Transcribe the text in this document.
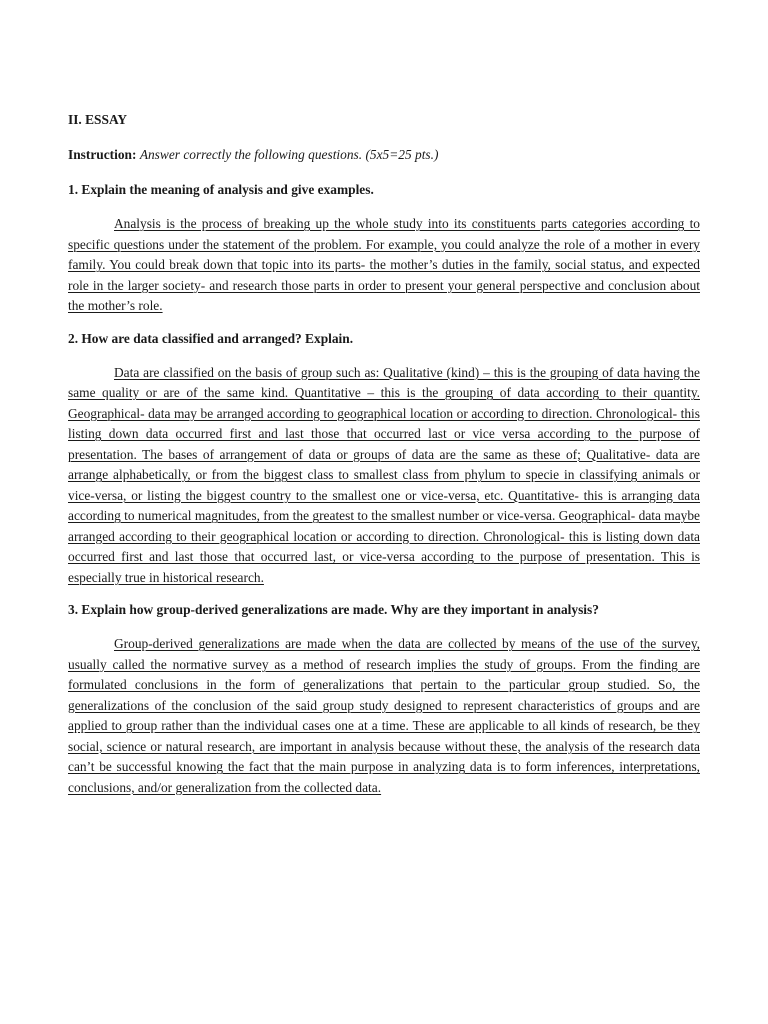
II. ESSAY
Instruction: Answer correctly the following questions. (5x5=25 pts.)
1. Explain the meaning of analysis and give examples.

Analysis is the process of breaking up the whole study into its constituents parts categories according to specific questions under the statement of the problem. For example, you could analyze the role of a mother in every family. You could break down that topic into its parts- the mother’s duties in the family, social status, and expected role in the larger society- and research those parts in order to present your general perspective and conclusion about the mother’s role.

2. How are data classified and arranged? Explain.

Data are classified on the basis of group such as: Qualitative (kind) – this is the grouping of data having the same quality or are of the same kind. Quantitative – this is the grouping of data according to their quantity. Geographical- data may be arranged according to geographical location or according to direction. Chronological- this listing down data occurred first and last those that occurred last or vice versa according to the purpose of presentation. The bases of arrangement of data or groups of data are the same as these of; Qualitative- data are arrange alphabetically, or from the biggest class to smallest class from phylum to specie in classifying animals or vice-versa, or listing the biggest country to the smallest one or vice-versa, etc. Quantitative- this is arranging data according to numerical magnitudes, from the greatest to the smallest number or vice-versa. Geographical- data maybe arranged according to their geographical location or according to direction. Chronological- this is listing down data occurred first and last those that occurred last, or vice-versa according to the purpose of presentation. This is especially true in historical research.

3. Explain how group-derived generalizations are made. Why are they important in analysis?

Group-derived generalizations are made when the data are collected by means of the use of the survey, usually called the normative survey as a method of research implies the study of groups. From the finding are formulated conclusions in the form of generalizations that pertain to the particular group studied. So, the generalizations of the conclusion of the said group study designed to represent characteristics of groups and are applied to group rather than the individual cases one at a time. These are applicable to all kinds of research, be they social, science or natural research, are important in analysis because without these, the analysis of the research data can’t be successful knowing the fact that the main purpose in analyzing data is to form inferences, interpretations, conclusions, and/or generalization from the collected data.
